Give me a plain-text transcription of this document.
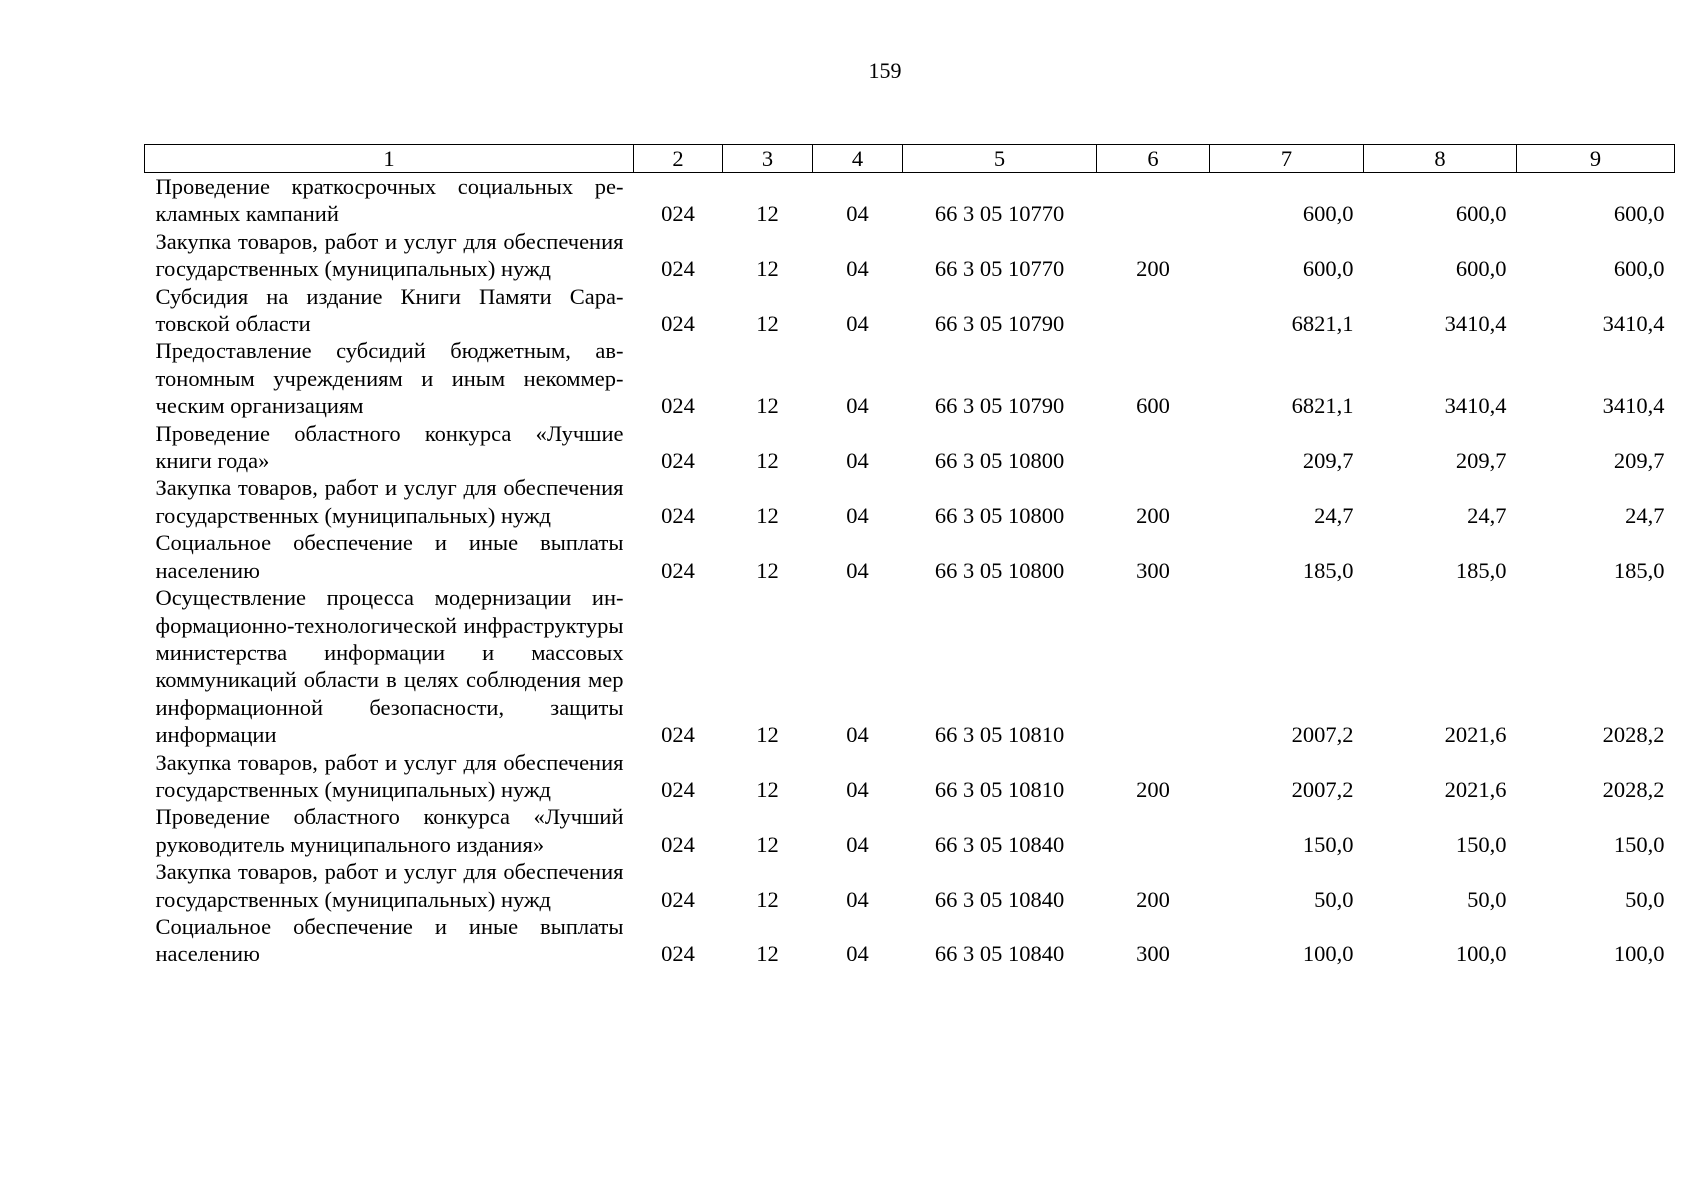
159
1	2	3	4	5	6	7	8	9
Проведение краткосрочных социальных рекламных кампаний	024	12	04	66 3 05 10770		600,0	600,0	600,0
Закупка товаров, работ и услуг для обеспечения государственных (муниципальных) нужд	024	12	04	66 3 05 10770	200	600,0	600,0	600,0
Субсидия на издание Книги Памяти Саратовской области	024	12	04	66 3 05 10790		6821,1	3410,4	3410,4
Предоставление субсидий бюджетным, автономным учреждениям и иным некоммерческим организациям	024	12	04	66 3 05 10790	600	6821,1	3410,4	3410,4
Проведение областного конкурса «Лучшие книги года»	024	12	04	66 3 05 10800		209,7	209,7	209,7
Закупка товаров, работ и услуг для обеспечения государственных (муниципальных) нужд	024	12	04	66 3 05 10800	200	24,7	24,7	24,7
Социальное обеспечение и иные выплаты населению	024	12	04	66 3 05 10800	300	185,0	185,0	185,0
Осуществление процесса модернизации информационно-технологической инфраструктуры министерства информации и массовых коммуникаций области в целях соблюдения мер информационной безопасности, защиты информации	024	12	04	66 3 05 10810		2007,2	2021,6	2028,2
Закупка товаров, работ и услуг для обеспечения государственных (муниципальных) нужд	024	12	04	66 3 05 10810	200	2007,2	2021,6	2028,2
Проведение областного конкурса «Лучший руководитель муниципального издания»	024	12	04	66 3 05 10840		150,0	150,0	150,0
Закупка товаров, работ и услуг для обеспечения государственных (муниципальных) нужд	024	12	04	66 3 05 10840	200	50,0	50,0	50,0
Социальное обеспечение и иные выплаты населению	024	12	04	66 3 05 10840	300	100,0	100,0	100,0
